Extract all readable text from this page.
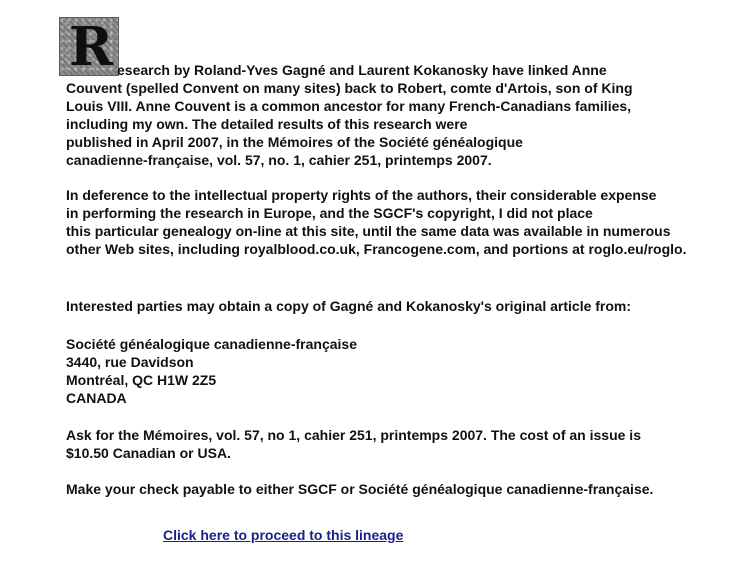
R esearch by Roland-Yves Gagné and Laurent Kokanosky have linked Anne
Couvent (spelled Convent on many sites) back to Robert, comte d'Artois, son of King
Louis VIII. Anne Couvent is a common ancestor for many French-Canadians families,
including my own. The detailed results of this research were
published in April 2007, in the Mémoires of the Société généalogique
canadienne-française, vol. 57, no. 1, cahier 251, printemps 2007.
In deference to the intellectual property rights of the authors, their considerable expense
in performing the research in Europe, and the SGCF's copyright, I did not place
this particular genealogy on-line at this site, until the same data was available in numerous
other Web sites, including royalblood.co.uk, Francogene.com, and portions at roglo.eu/roglo.
Interested parties may obtain a copy of Gagné and Kokanosky's original article from:
Société généalogique canadienne-française
3440, rue Davidson
Montréal, QC H1W 2Z5
CANADA
Ask for the Mémoires, vol. 57, no 1, cahier 251, printemps 2007. The cost of an issue is
$10.50 Canadian or USA.
Make your check payable to either SGCF or Société généalogique canadienne-française.
Click here to proceed to this lineage
